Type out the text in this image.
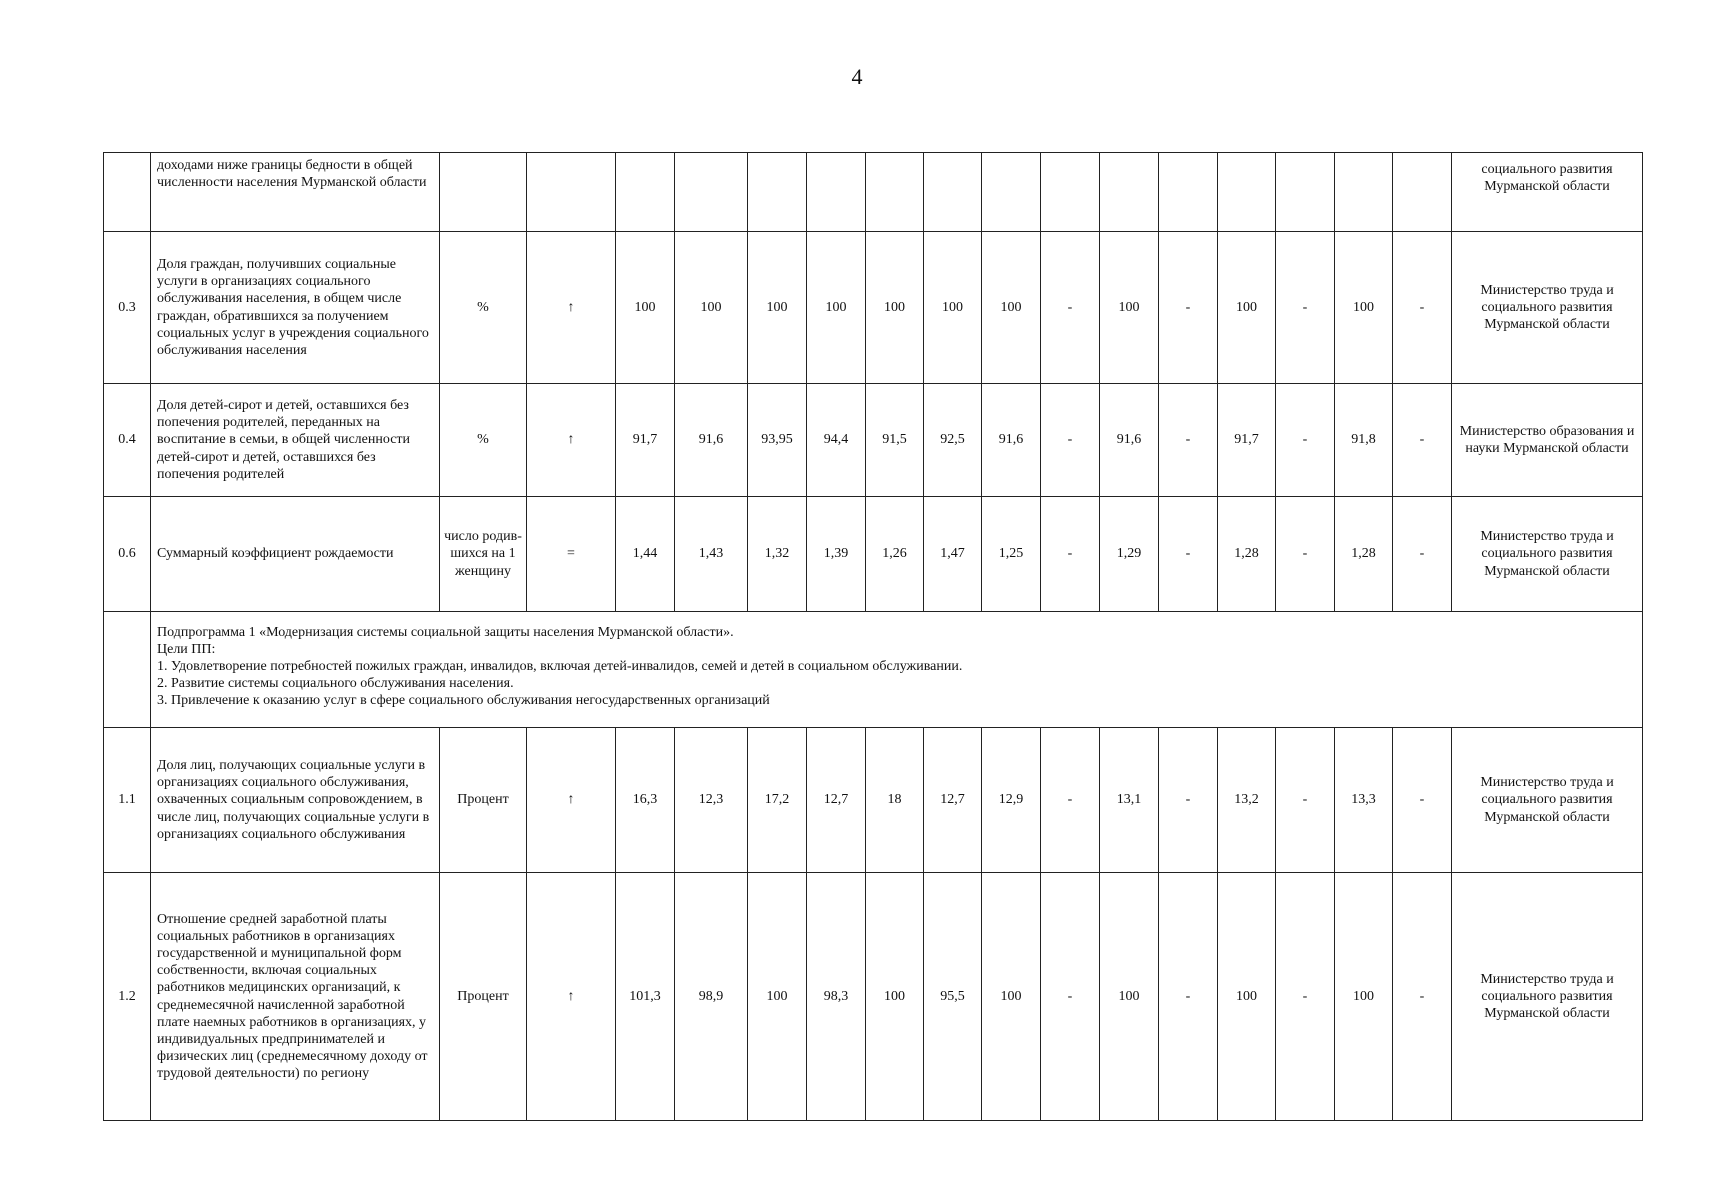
4
	доходами ниже границы бедности в общей численности населения Мурманской области																	социального развития Мурманской области
0.3	Доля граждан, получивших социальные услуги в организациях социального обслуживания населения, в общем числе граждан, обратившихся за получением социальных услуг в учреждения социального обслуживания населения	%	↑	100	100	100	100	100	100	100	-	100	-	100	-	100	-	Министерство труда и социального развития Мурманской области
0.4	Доля детей-сирот и детей, оставшихся без попечения родителей, переданных на воспитание в семьи, в общей численности детей-сирот и детей, оставшихся без попечения родителей	%	↑	91,7	91,6	93,95	94,4	91,5	92,5	91,6	-	91,6	-	91,7	-	91,8	-	Министерство образования и науки Мурманской области
0.6	Суммарный коэффициент рождаемости	число родив-шихся на 1 женщину	=	1,44	1,43	1,32	1,39	1,26	1,47	1,25	-	1,29	-	1,28	-	1,28	-	Министерство труда и социального развития Мурманской области

	Подпрограмма 1 «Модернизация системы социальной защиты населения Мурманской области».
Цели ПП:
1. Удовлетворение потребностей пожилых граждан, инвалидов, включая детей-инвалидов, семей и детей в социальном обслуживании.
2. Развитие системы социального обслуживания населения.
3. Привлечение к оказанию услуг в сфере социального обслуживания негосударственных организаций																	

1.1	Доля лиц, получающих социальные услуги в организациях социального обслуживания, охваченных социальным сопровождением, в числе лиц, получающих социальные услуги в организациях социального обслуживания	Процент	↑	16,3	12,3	17,2	12,7	18	12,7	12,9	-	13,1	-	13,2	-	13,3	-	Министерство труда и социального развития Мурманской области
1.2	Отношение средней заработной платы социальных работников в организациях государственной и муниципальной форм собственности, включая социальных работников медицинских организаций, к среднемесячной начисленной заработной плате наемных работников в организациях, у индивидуальных предпринимателей и физических лиц (среднемесячному доходу от трудовой деятельности) по региону	Процент	↑	101,3	98,9	100	98,3	100	95,5	100	-	100	-	100	-	100	-	Министерство труда и социального развития Мурманской области
